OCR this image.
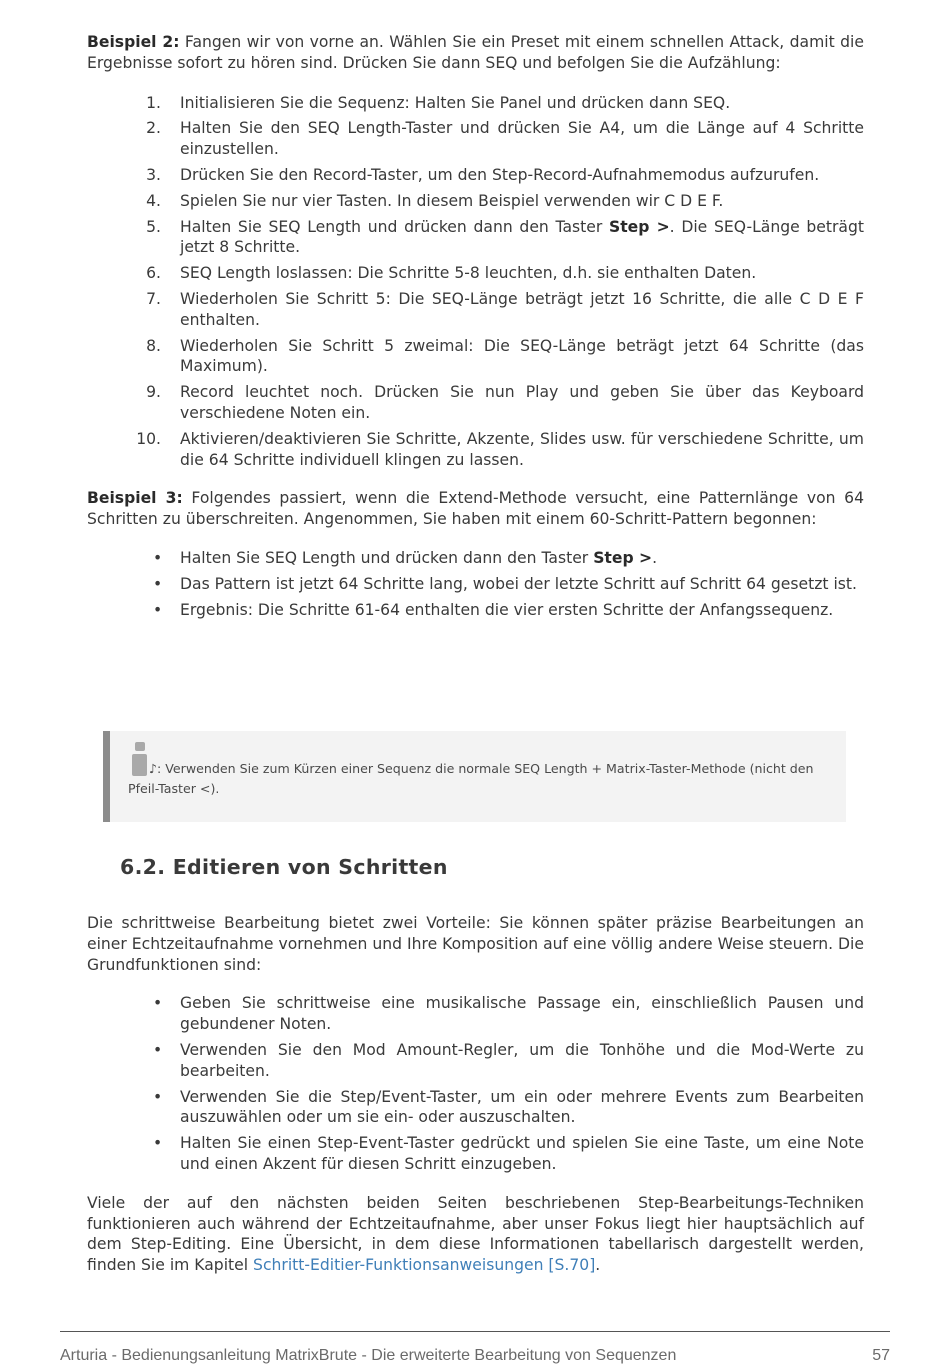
Beispiel 2: Fangen wir von vorne an. Wählen Sie ein Preset mit einem schnellen Attack, damit die Ergebnisse sofort zu hören sind. Drücken Sie dann SEQ und befolgen Sie die Aufzählung:

1. Initialisieren Sie die Sequenz: Halten Sie Panel und drücken dann SEQ.
2. Halten Sie den SEQ Length-Taster und drücken Sie A4, um die Länge auf 4 Schritte einzustellen.
3. Drücken Sie den Record-Taster, um den Step-Record-Aufnahmemodus aufzurufen.
4. Spielen Sie nur vier Tasten. In diesem Beispiel verwenden wir C D E F.
5. Halten Sie SEQ Length und drücken dann den Taster Step >. Die SEQ-Länge beträgt jetzt 8 Schritte.
6. SEQ Length loslassen: Die Schritte 5-8 leuchten, d.h. sie enthalten Daten.
7. Wiederholen Sie Schritt 5: Die SEQ-Länge beträgt jetzt 16 Schritte, die alle C D E F enthalten.
8. Wiederholen Sie Schritt 5 zweimal: Die SEQ-Länge beträgt jetzt 64 Schritte (das Maximum).
9. Record leuchtet noch. Drücken Sie nun Play und geben Sie über das Keyboard verschiedene Noten ein.
10. Aktivieren/deaktivieren Sie Schritte, Akzente, Slides usw. für verschiedene Schritte, um die 64 Schritte individuell klingen zu lassen.

Beispiel 3: Folgendes passiert, wenn die Extend-Methode versucht, eine Patternlänge von 64 Schritten zu überschreiten. Angenommen, Sie haben mit einem 60-Schritt-Pattern begonnen:

• Halten Sie SEQ Length und drücken dann den Taster Step >.
• Das Pattern ist jetzt 64 Schritte lang, wobei der letzte Schritt auf Schritt 64 gesetzt ist.
• Ergebnis: Die Schritte 61-64 enthalten die vier ersten Schritte der Anfangssequenz.
♪: Verwenden Sie zum Kürzen einer Sequenz die normale SEQ Length + Matrix-Taster-Methode (nicht den Pfeil-Taster <).
6.2. Editieren von Schritten

Die schrittweise Bearbeitung bietet zwei Vorteile: Sie können später präzise Bearbeitungen an einer Echtzeitaufnahme vornehmen und Ihre Komposition auf eine völlig andere Weise steuern. Die Grundfunktionen sind:

• Geben Sie schrittweise eine musikalische Passage ein, einschließlich Pausen und gebundener Noten.
• Verwenden Sie den Mod Amount-Regler, um die Tonhöhe und die Mod-Werte zu bearbeiten.
• Verwenden Sie die Step/Event-Taster, um ein oder mehrere Events zum Bearbeiten auszuwählen oder um sie ein- oder auszuschalten.
• Halten Sie einen Step-Event-Taster gedrückt und spielen Sie eine Taste, um eine Note und einen Akzent für diesen Schritt einzugeben.

Viele der auf den nächsten beiden Seiten beschriebenen Step-Bearbeitungs-Techniken funktionieren auch während der Echtzeitaufnahme, aber unser Fokus liegt hier hauptsächlich auf dem Step-Editing. Eine Übersicht, in dem diese Informationen tabellarisch dargestellt werden, finden Sie im Kapitel Schritt-Editier-Funktionsanweisungen [S.70].

Arturia - Bedienungsanleitung MatrixBrute - Die erweiterte Bearbeitung von Sequenzen	57
